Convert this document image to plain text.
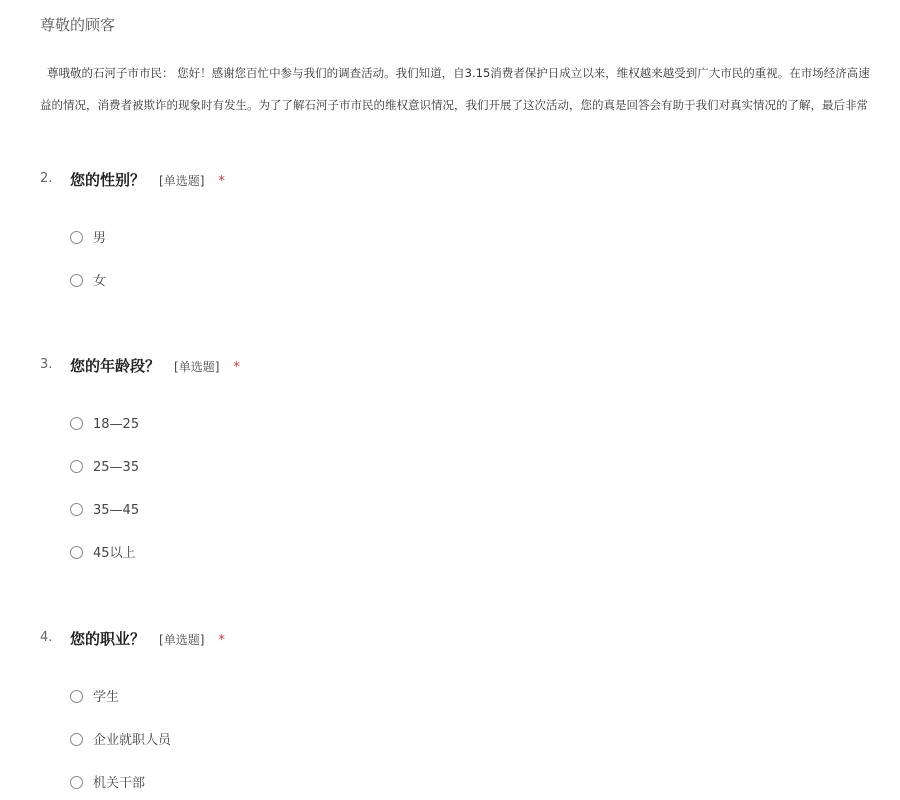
尊敬的顾客
尊哦敬的石河子市市民： 您好！感谢您百忙中参与我们的调查活动。我们知道，自3.15消费者保护日成立以来，维权越来越受到广大市民的重视。在市场经济高速
益的情况，消费者被欺诈的现象时有发生。为了了解石河子市市民的维权意识情况，我们开展了这次活动，您的真是回答会有助于我们对真实情况的了解，最后非常
2. 您的性别？ [单选题] *
男
女
3. 您的年龄段？ [单选题] *
18—25
25—35
35—45
45以上
4. 您的职业？ [单选题] *
学生
企业就职人员
机关干部
